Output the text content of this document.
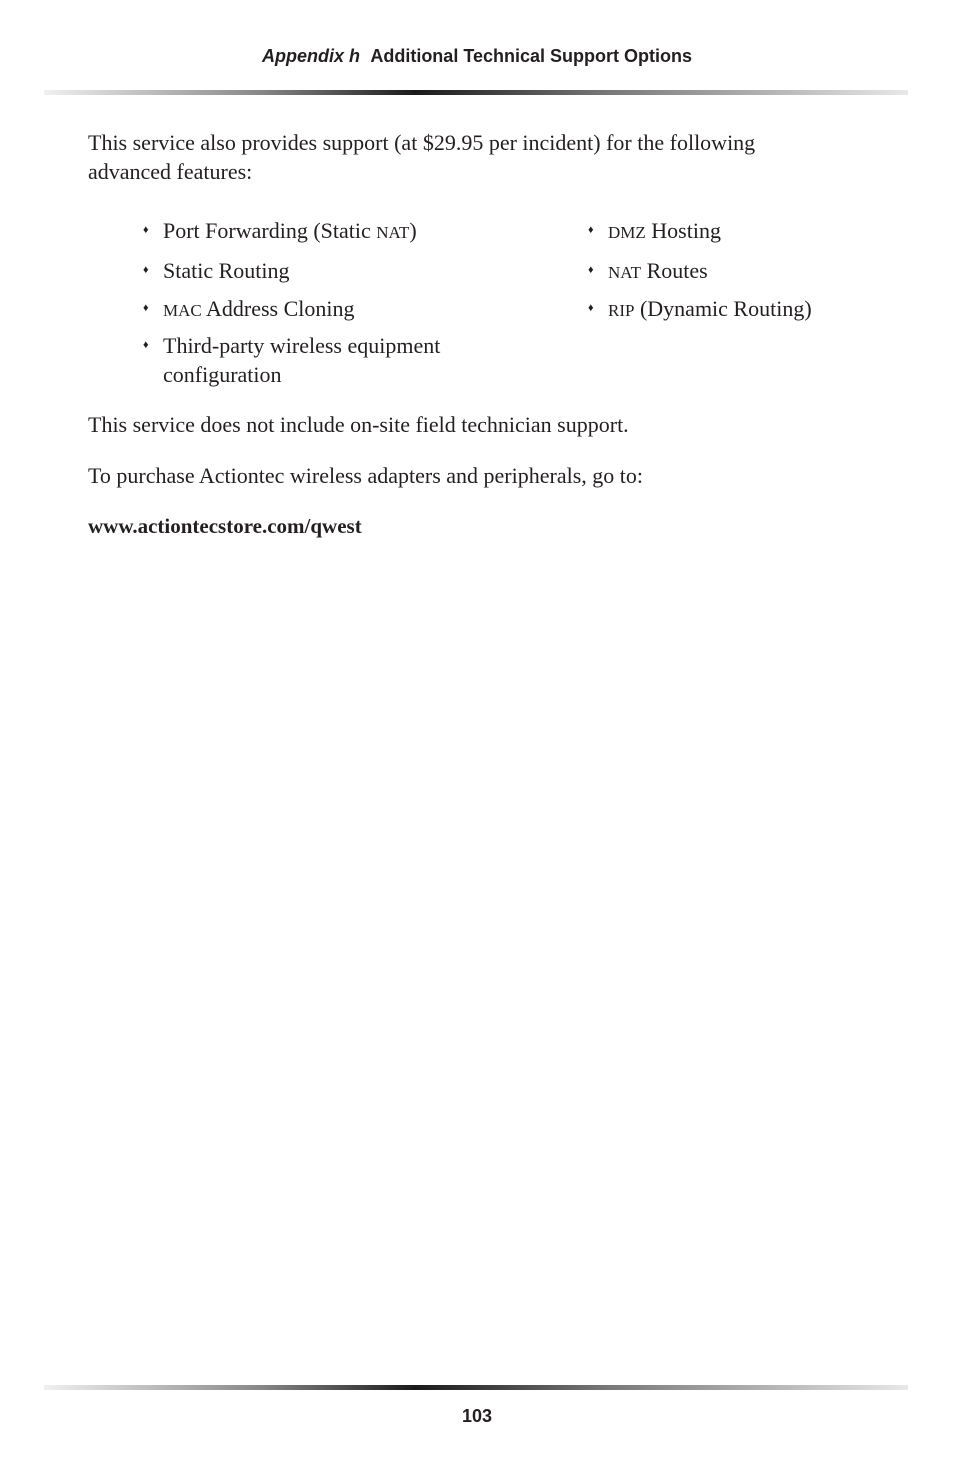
Appendix h Additional Technical Support Options
This service also provides support (at $29.95 per incident) for the following advanced features:
♦ Port Forwarding (Static NAT)
♦ Static Routing
♦ MAC Address Cloning
♦ Third-party wireless equipment configuration
♦ DMZ Hosting
♦ NAT Routes
♦ RIP (Dynamic Routing)
This service does not include on-site field technician support.
To purchase Actiontec wireless adapters and peripherals, go to:
www.actiontecstore.com/qwest
103
